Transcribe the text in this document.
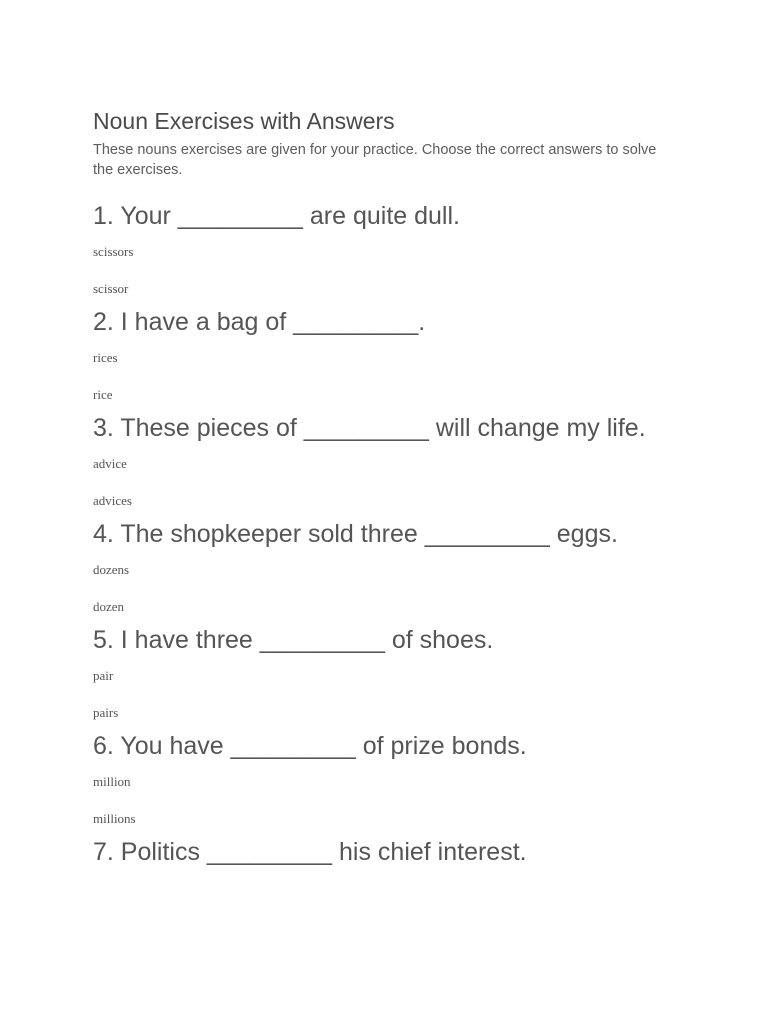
Noun Exercises with Answers

These nouns exercises are given for your practice. Choose the correct answers to solve the exercises.

1. Your _________ are quite dull.

scissors

scissor

2. I have a bag of _________.

rices

rice

3. These pieces of _________ will change my life.

advice

advices

4. The shopkeeper sold three _________ eggs.

dozens

dozen

5. I have three _________ of shoes.

pair

pairs

6. You have _________ of prize bonds.

million

millions

7. Politics _________ his chief interest.
